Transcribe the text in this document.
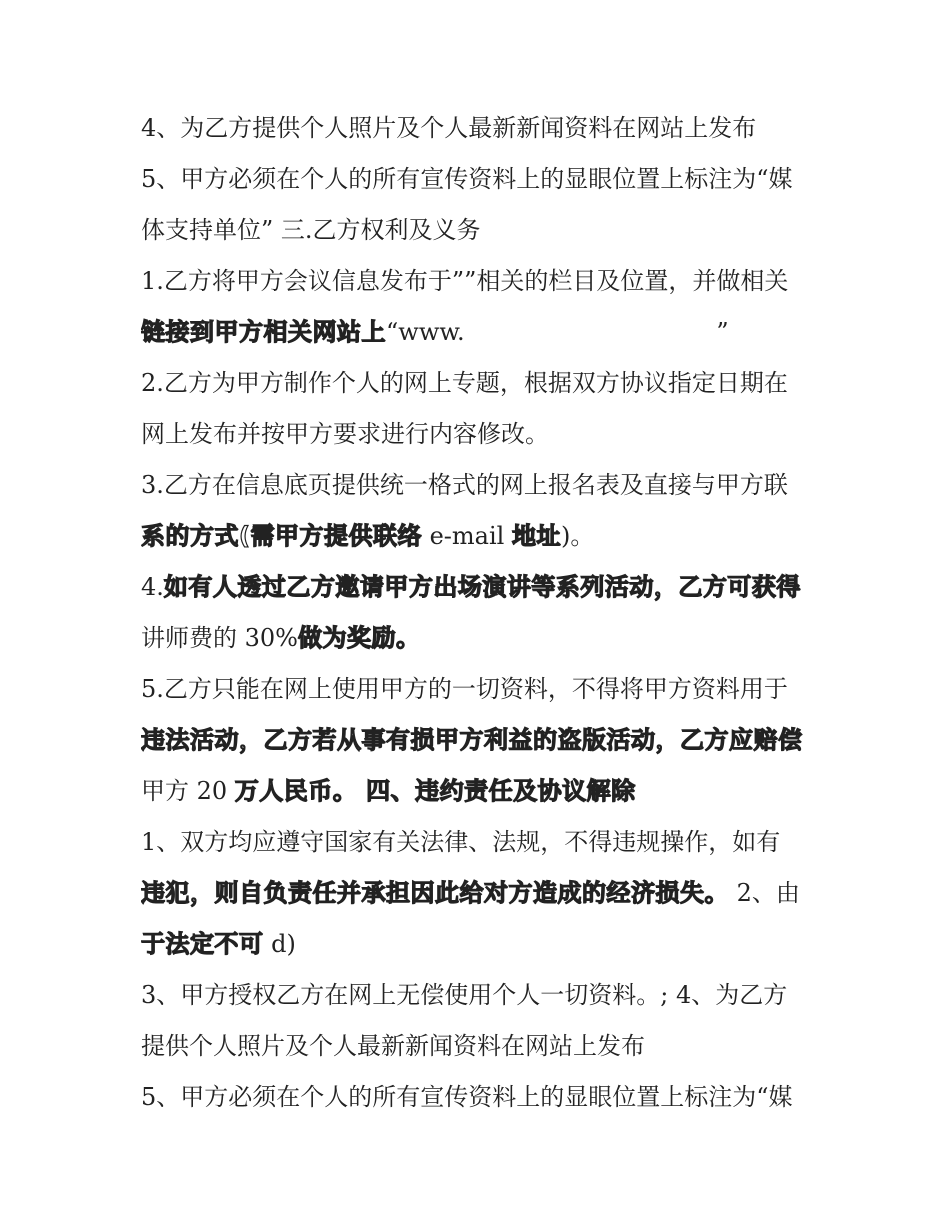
4、为乙方提供个人照片及个人最新新闻资料在网站上发布
5、甲方必须在个人的所有宣传资料上的显眼位置上标注为“媒
体支持单位” 三.乙方权利及义务
1.乙方将甲方会议信息发布于””相关的栏目及位置，并做相关
链接到甲方相关网站上“www.                                 ”
2.乙方为甲方制作个人的网上专题，根据双方协议指定日期在
网上发布并按甲方要求进行内容修改。
3.乙方在信息底页提供统一格式的网上报名表及直接与甲方联
系的方式(需甲方提供联络 e-mail 地址)。
4.如有人透过乙方邀请甲方出场演讲等系列活动，乙方可获得
讲师费的 30%做为奖励。
5.乙方只能在网上使用甲方的一切资料，不得将甲方资料用于
违法活动，乙方若从事有损甲方利益的盗版活动，乙方应赔偿
甲方 20 万人民币。 四、违约责任及协议解除
1、双方均应遵守国家有关法律、法规，不得违规操作，如有
违犯，则自负责任并承担因此给对方造成的经济损失。 2、由
于法定不可 d)
3、甲方授权乙方在网上无偿使用个人一切资料。; 4、为乙方
提供个人照片及个人最新新闻资料在网站上发布
5、甲方必须在个人的所有宣传资料上的显眼位置上标注为“媒
